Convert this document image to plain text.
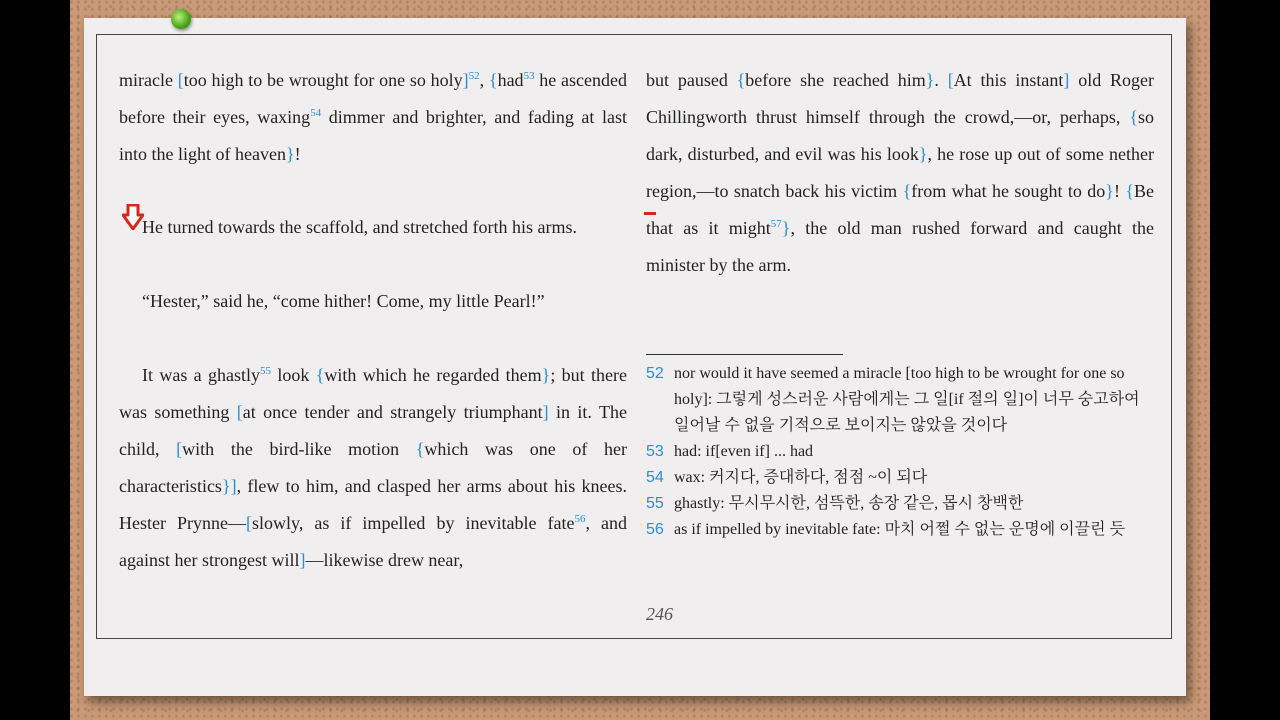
miracle [too high to be wrought for one so holy]$^{52}$, {had$^{53}$ he ascended before their eyes, waxing$^{54}$ dimmer and brighter, and fading at last into the light of heaven}!

He turned towards the scaffold, and stretched forth his arms.

“Hester,” said he, “come hither! Come, my little Pearl!”

It was a ghastly$^{55}$ look {with which he regarded them}; but there was something [at once tender and strangely triumphant] in it. The child, [with the bird-like motion {which was one of her characteristics}], flew to him, and clasped her arms about his knees. Hester Prynne—[slowly, as if impelled by inevitable fate$^{56}$, and against her strongest will]—likewise drew near,

but paused {before she reached him}. [At this instant] old Roger Chillingworth thrust himself through the crowd,—or, perhaps, {so dark, disturbed, and evil was his look}, he rose up out of some nether region,—to snatch back his victim {from what he sought to do}! {Be that as it might$^{57}$}, the old man rushed forward and caught the minister by the arm.

52 nor would it have seemed a miracle [too high to be wrought for one so holy]: 그렇게 성스러운 사람에게는 그 일[if 절의 일]이 너무 숭고하여 일어날 수 없을 기적으로 보이지는 않았을 것이다
53 had: if[even if] ... had
54 wax: 커지다, 증대하다, 점점 ~이 되다
55 ghastly: 무시무시한, 섬뜩한, 송장 같은, 몹시 창백한
56 as if impelled by inevitable fate: 마치 어쩔 수 없는 운명에 이끌린 듯
246
